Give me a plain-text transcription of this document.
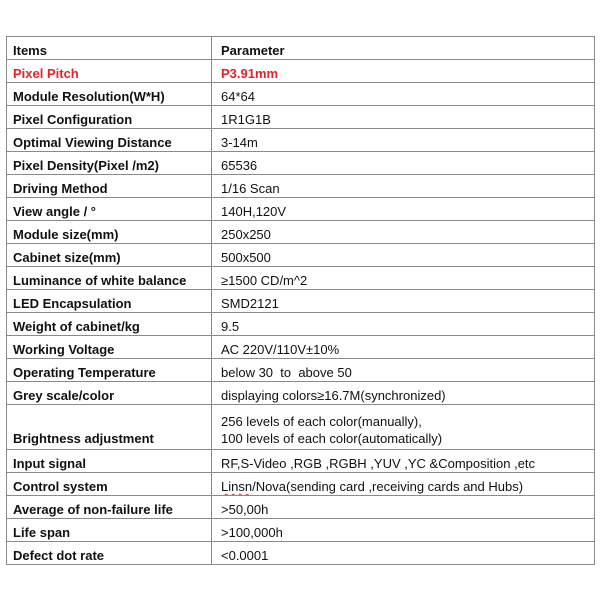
Items	Parameter
Pixel Pitch	P3.91mm
Module Resolution(W*H)	64*64
Pixel Configuration	1R1G1B
Optimal Viewing Distance	3-14m
Pixel Density(Pixel /m2)	65536
Driving Method	1/16 Scan
View angle / °	140H,120V
Module size(mm)	250x250
Cabinet size(mm)	500x500
Luminance of white balance	≥1500 CD/m^2
LED Encapsulation	SMD2121
Weight of cabinet/kg	9.5
Working Voltage	AC 220V/110V±10%
Operating Temperature	below 30  to  above 50
Grey scale/color	displaying colors≥16.7M(synchronized)
Brightness adjustment	256 levels of each color(manually),
100 levels of each color(automatically)

Input signal	RF,S-Video ,RGB ,RGBH ,YUV ,YC &Composition ,etc
Control system	Linsn/Nova(sending card ,receiving cards and Hubs)
Average of non-failure life	>50,00h
Life span	>100,000h
Defect dot rate	<0.0001
